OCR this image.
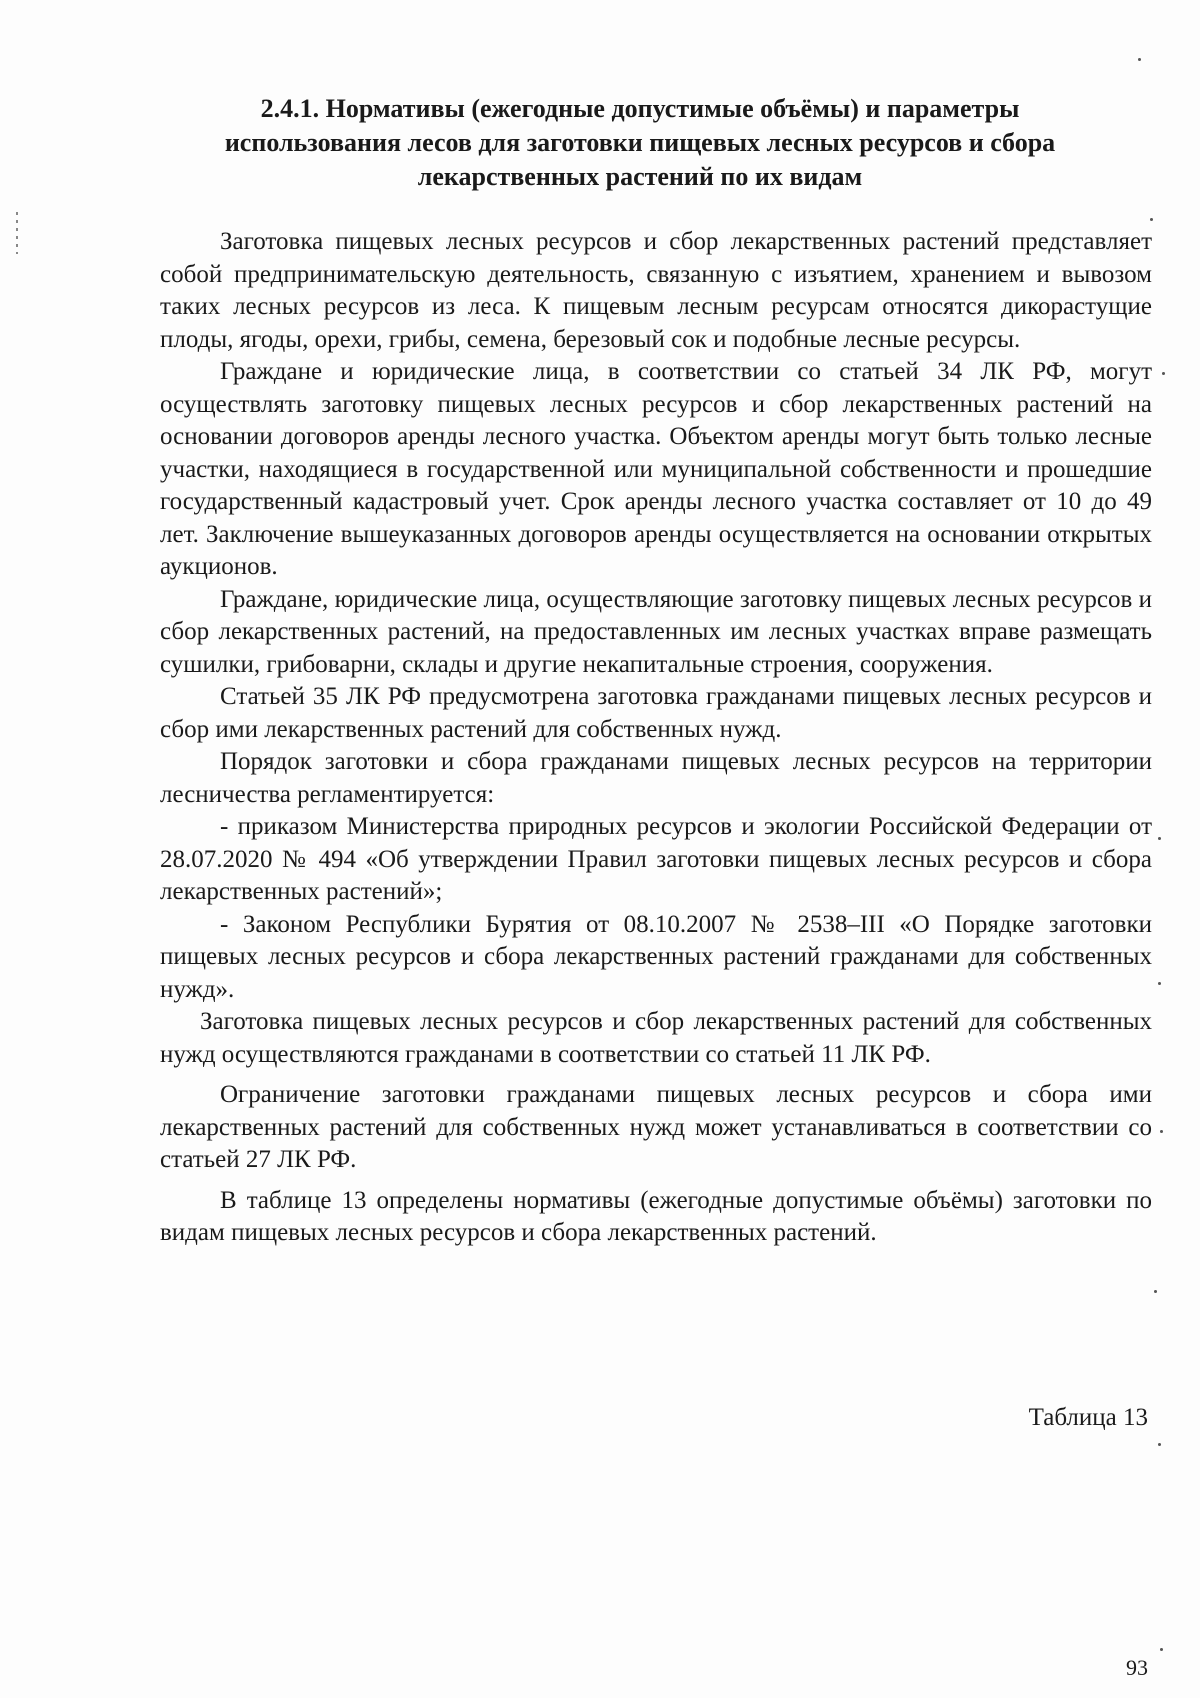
2.4.1. Нормативы (ежегодные допустимые объёмы) и параметры
использования лесов для заготовки пищевых лесных ресурсов и сбора
лекарственных растений по их видам

Заготовка пищевых лесных ресурсов и сбор лекарственных растений представляет собой предпринимательскую деятельность, связанную с изъятием, хранением и вывозом таких лесных ресурсов из леса. К пищевым лесным ресурсам относятся дикорастущие плоды, ягоды, орехи, грибы, семена, березовый сок и подобные лесные ресурсы.

Граждане и юридические лица, в соответствии со статьей 34 ЛК РФ, могут осуществлять заготовку пищевых лесных ресурсов и сбор лекарственных растений на основании договоров аренды лесного участка. Объектом аренды могут быть только лесные участки, находящиеся в государственной или муниципальной собственности и прошедшие государственный кадастровый учет. Срок аренды лесного участка составляет от 10 до 49 лет. Заключение вышеуказанных договоров аренды осуществляется на основании открытых аукционов.

Граждане, юридические лица, осуществляющие заготовку пищевых лесных ресурсов и сбор лекарственных растений, на предоставленных им лесных участках вправе размещать сушилки, грибоварни, склады и другие некапитальные строения, сооружения.

Статьей 35 ЛК РФ предусмотрена заготовка гражданами пищевых лесных ресурсов и сбор ими лекарственных растений для собственных нужд.

Порядок заготовки и сбора гражданами пищевых лесных ресурсов на территории лесничества регламентируется:

- приказом Министерства природных ресурсов и экологии Российской Федерации от 28.07.2020 № 494 «Об утверждении Правил заготовки пищевых лесных ресурсов и сбора лекарственных растений»;

- Законом Республики Бурятия от 08.10.2007 № 2538–III «О Порядке заготовки пищевых лесных ресурсов и сбора лекарственных растений гражданами для собственных нужд».

Заготовка пищевых лесных ресурсов и сбор лекарственных растений для собственных нужд осуществляются гражданами в соответствии со статьей 11 ЛК РФ.

Ограничение заготовки гражданами пищевых лесных ресурсов и сбора ими лекарственных растений для собственных нужд может устанавливаться в соответствии со статьей 27 ЛК РФ.

В таблице 13 определены нормативы (ежегодные допустимые объёмы) заготовки по видам пищевых лесных ресурсов и сбора лекарственных растений.

Таблица 13
93
